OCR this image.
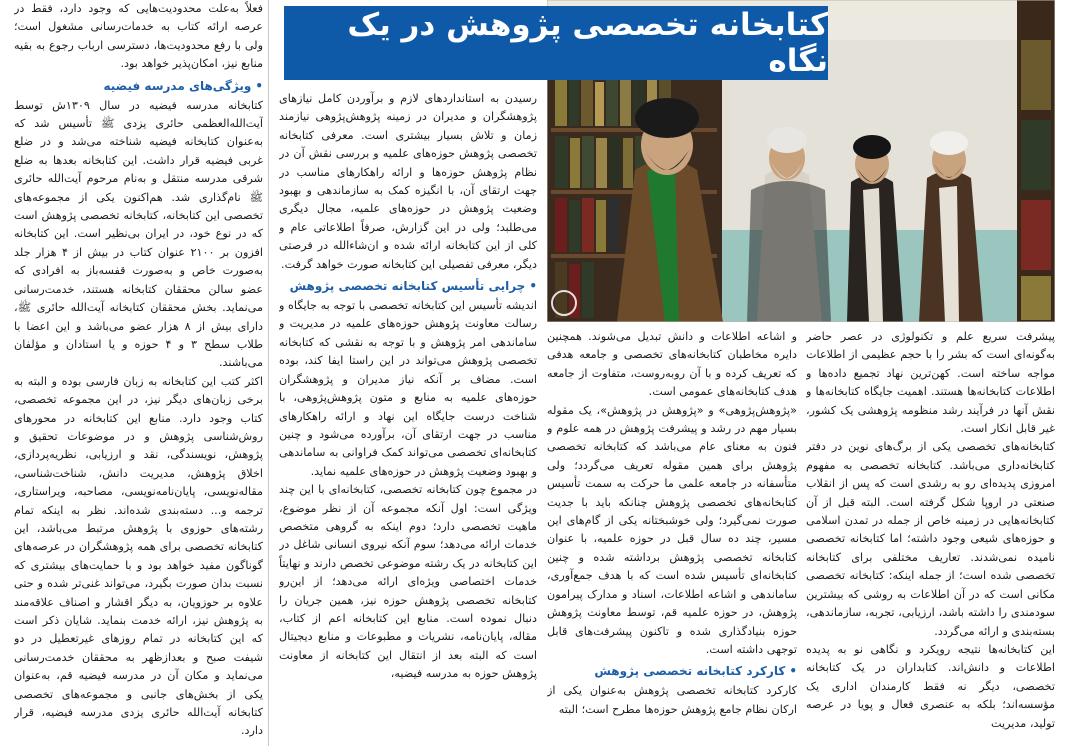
کتابخانه تخصصی پژوهش در یک نگاه

فعلاً به‌علت محدودیت‌هایی که وجود دارد، فقط در عرصه ارائه کتاب به خدمات‌رسانی مشغول است؛ ولی با رفع محدودیت‌ها، دسترسی ارباب رجوع به بقیه منابع نیز، امکان‌پذیر خواهد بود.

•ویژگی‌های مدرسه فیضیه

کتابخانه مدرسه فیضیه در سال ۱۳۰۹ش توسط آیت‌الله‌العظمی حائری یزدی ﷺ تأسیس شد که به‌عنوان کتابخانه فیضیه شناخته می‌شد و در ضلع غربی فیضیه قرار داشت. این کتابخانه بعدها به ضلع شرقی مدرسه منتقل و به‌نام مرحوم آیت‌الله حائری ﷺ نام‌گذاری شد. هم‌اکنون یکی از مجموعه‌های تخصصی این کتابخانه، کتابخانه تخصصی پژوهش است که در نوع خود، در ایران بی‌نظیر است. این کتابخانه افزون بر ۲۱۰۰ عنوان کتاب در بیش از ۴ هزار جلد به‌صورت خاص و به‌صورت قفسه‌باز به افرادی که عضو سالن محققان کتابخانه هستند، خدمت‌رسانی می‌نماید. بخش محققان کتابخانه آیت‌الله حائری ﷺ، دارای بیش از ۸ هزار عضو می‌باشد و این اعضا با طلاب سطح ۳ و ۴ حوزه و یا استادان و مؤلفان می‌باشند.

اکثر کتب این کتابخانه به زبان فارسی بوده و البته به برخی زبان‌های دیگر نیز، در این مجموعه تخصصی، کتاب وجود دارد. منابع این کتابخانه در محورهای روش‌شناسی پژوهش و در موضوعات تحقیق و پژوهش، نویسندگی، نقد و ارزیابی، نظریه‌پردازی، اخلاق پژوهش، مدیریت دانش، شناخت‌شناسی، مقاله‌نویسی، پایان‌نامه‌نویسی، مصاحبه، ویراستاری، ترجمه و... دسته‌بندی شده‌اند. نظر به اینکه تمام رشته‌های حوزوی با پژوهش مرتبط می‌باشد، این کتابخانه تخصصی برای همه پژوهشگران در عرصه‌های گوناگون مفید خواهد بود و با حمایت‌های بیشتری که نسبت بدان صورت بگیرد، می‌تواند غنی‌تر شده و حتی علاوه بر حوزویان، به دیگر اقشار و اصناف علاقه‌مند به پژوهش نیز، ارائه خدمت بنماید. شایان ذکر است که این کتابخانه در تمام روزهای غیرتعطیل در دو شیفت صبح و بعدازظهر به محققان خدمت‌رسانی می‌نماید و مکان آن در مدرسه فیضیه قم، به‌عنوان یکی از بخش‌های جانبی و مجموعه‌های تخصصی کتابخانه آیت‌الله حائری یزدی مدرسه فیضیه، قرار دارد.

رسیدن به استانداردهای لازم و برآوردن کامل نیازهای پژوهشگران و مدیران در زمینه پژوهش‌پژوهی نیازمند زمان و تلاش بسیار بیشتری است. معرفی کتابخانه تخصصی پژوهش حوزه‌های علمیه و بررسی نقش آن در نظام پژوهش حوزه‌ها و ارائه راهکارهای مناسب در جهت ارتقای آن، با انگیزه کمک به سازماندهی و بهبود وضعیت پژوهش در حوزه‌های علمیه، مجال دیگری می‌طلبد؛ ولی در این گزارش، صرفاً اطلاعاتی عام و کلی از این کتابخانه ارائه شده و ان‌شاءالله در فرصتی دیگر، معرفی تفصیلی این کتابخانه صورت خواهد گرفت.

•چرایی تأسیس کتابخانه تخصصی پژوهش

اندیشه تأسیس این کتابخانه تخصصی با توجه به جایگاه و رسالت معاونت پژوهش حوزه‌های علمیه در مدیریت و ساماندهی امر پژوهش و با توجه به نقشی که کتابخانه تخصصی پژوهش می‌تواند در این راستا ایفا کند، بوده است. مضاف بر آنکه نیاز مدیران و پژوهشگران حوزه‌های علمیه به منابع و متون پژوهش‌پژوهی، با شناخت درست جایگاه این نهاد و ارائه راهکارهای مناسب در جهت ارتقای آن، برآورده می‌شود و چنین کتابخانه‌ای تخصصی می‌تواند کمک فراوانی به ساماندهی و بهبود وضعیت پژوهش در حوزه‌های علمیه نماید.

در مجموع چون کتابخانه تخصصی، کتابخانه‌ای با این چند ویژگی است: اول آنکه مجموعه آن از نظر موضوع، ماهیت تخصصی دارد؛ دوم اینکه به گروهی متخصص خدمات ارائه می‌دهد؛ سوم آنکه نیروی انسانی شاغل در این کتابخانه در یک رشته موضوعی تخصص دارند و نهایتاً خدمات اختصاصی ویژه‌ای ارائه می‌دهد؛ از این‌رو کتابخانه تخصصی پژوهش حوزه نیز، همین جریان را دنبال نموده است. منابع این کتابخانه اعم از کتاب، مقاله، پایان‌نامه، نشریات و مطبوعات و منابع دیجیتال است که البته بعد از انتقال این کتابخانه از معاونت پژوهش حوزه به مدرسه فیضیه،

و اشاعه اطلاعات و دانش تبدیل می‌شوند. همچنین دایره مخاطبان کتابخانه‌های تخصصی و جامعه هدفی که تعریف کرده و با آن روبه‌روست، متفاوت از جامعه هدف کتابخانه‌های عمومی است.

«پژوهش‌پژوهی» و «پژوهش در پژوهش»، یک مقوله بسیار مهم در رشد و پیشرفت پژوهش در همه علوم و فنون به معنای عام می‌باشد که کتابخانه تخصصی پژوهش برای همین مقوله تعریف می‌گردد؛ ولی متأسفانه در جامعه علمی ما حرکت به سمت تأسیس کتابخانه‌های تخصصی پژوهش چنانکه باید با جدیت صورت نمی‌گیرد؛ ولی خوشبختانه یکی از گام‌های این مسیر، چند ده سال قبل در حوزه علمیه، با عنوان کتابخانه تخصصی پژوهش برداشته شده و چنین کتابخانه‌ای تأسیس شده است که با هدف جمع‌آوری، ساماندهی و اشاعه اطلاعات، اسناد و مدارک پیرامون پژوهش، در حوزه علمیه قم، توسط معاونت پژوهش حوزه بنیادگذاری شده و تاکنون پیشرفت‌های قابل توجهی داشته است.

•کارکرد کتابخانه تخصصی پژوهش

کارکرد کتابخانه تخصصی پژوهش به‌عنوان یکی از ارکان نظام جامع پژوهش حوزه‌ها مطرح است؛ البته

پیشرفت سریع علم و تکنولوژی در عصر حاضر به‌گونه‌ای است که بشر را با حجم عظیمی از اطلاعات مواجه ساخته است. کهن‌ترین نهاد تجمیع داده‌ها و اطلاعات کتابخانه‌ها هستند. اهمیت جایگاه کتابخانه‌ها و نقش آنها در فرآیند رشد منظومه پژوهشی یک کشور، غیر قابل انکار است.

کتابخانه‌های تخصصی یکی از برگ‌های نوین در دفتر کتابخانه‌داری می‌باشد. کتابخانه تخصصی به مفهوم امروزی پدیده‌ای رو به رشدی است که پس از انقلاب صنعتی در اروپا شکل گرفته است. البته قبل از آن کتابخانه‌هایی در زمینه خاص از جمله در تمدن اسلامی و حوزه‌های شیعی وجود داشته؛ اما کتابخانه تخصصی نامیده نمی‌شدند. تعاریف مختلفی برای کتابخانه تخصصی شده است؛ از جمله اینکه: کتابخانه تخصصی مکانی است که در آن اطلاعات به روشی که بیشترین سودمندی را داشته باشد، ارزیابی، تجربه، سازماندهی، بسته‌بندی و ارائه می‌گردد.

این کتابخانه‌ها نتیجه رویکرد و نگاهی نو به پدیده اطلاعات و دانش‌اند. کتابداران در یک کتابخانه تخصصی، دیگر نه فقط کارمندان اداری یک مؤسسه‌اند؛ بلکه به عنصری فعال و پویا در عرصه تولید، مدیریت
